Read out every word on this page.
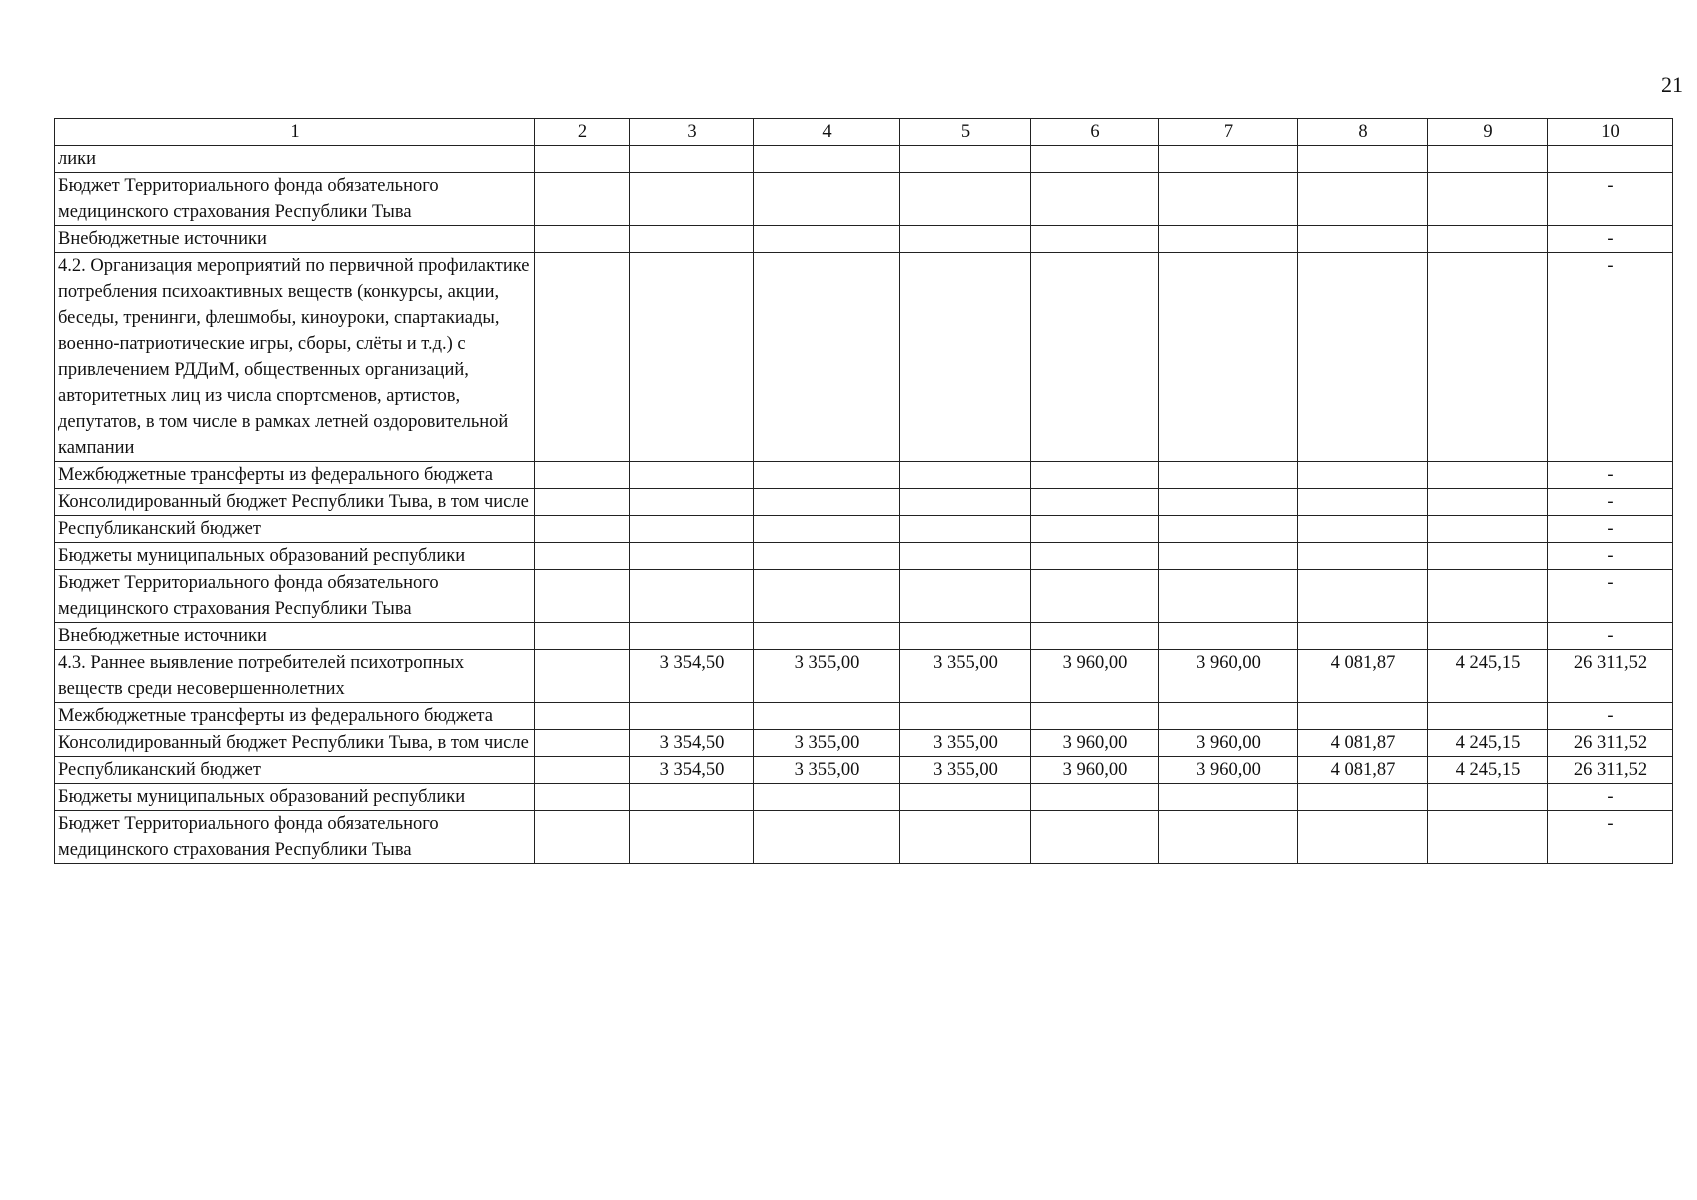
21
1	2	3	4	5	6	7	8	9	10
лики									
Бюджет Территориального фонда обязательного медицинского страхования Республики Тыва									-
Внебюджетные источники									-
4.2. Организация мероприятий по первичной профилактике потребления психоактивных веществ (конкурсы, акции, беседы, тренинги, флешмобы, киноуроки, спартакиады, военно-патриотические игры, сборы, слёты и т.д.) с привлечением РДДиМ, общественных организаций, авторитетных лиц из числа спортсменов, артистов, депутатов, в том числе в рамках летней оздоровительной кампании									-
Межбюджетные трансферты из федерального бюджета									-
Консолидированный бюджет Республики Тыва, в том числе									-
Республиканский бюджет									-
Бюджеты муниципальных образований республики									-
Бюджет Территориального фонда обязательного медицинского страхования Республики Тыва									-
Внебюджетные источники									-
4.3. Раннее выявление потребителей психотропных веществ среди несовершеннолетних		3 354,50	3 355,00	3 355,00	3 960,00	3 960,00	4 081,87	4 245,15	26 311,52
Межбюджетные трансферты из федерального бюджета									-
Консолидированный бюджет Республики Тыва, в том числе		3 354,50	3 355,00	3 355,00	3 960,00	3 960,00	4 081,87	4 245,15	26 311,52
Республиканский бюджет		3 354,50	3 355,00	3 355,00	3 960,00	3 960,00	4 081,87	4 245,15	26 311,52
Бюджеты муниципальных образований республики									-
Бюджет Территориального фонда обязательного медицинского страхования Республики Тыва									-
